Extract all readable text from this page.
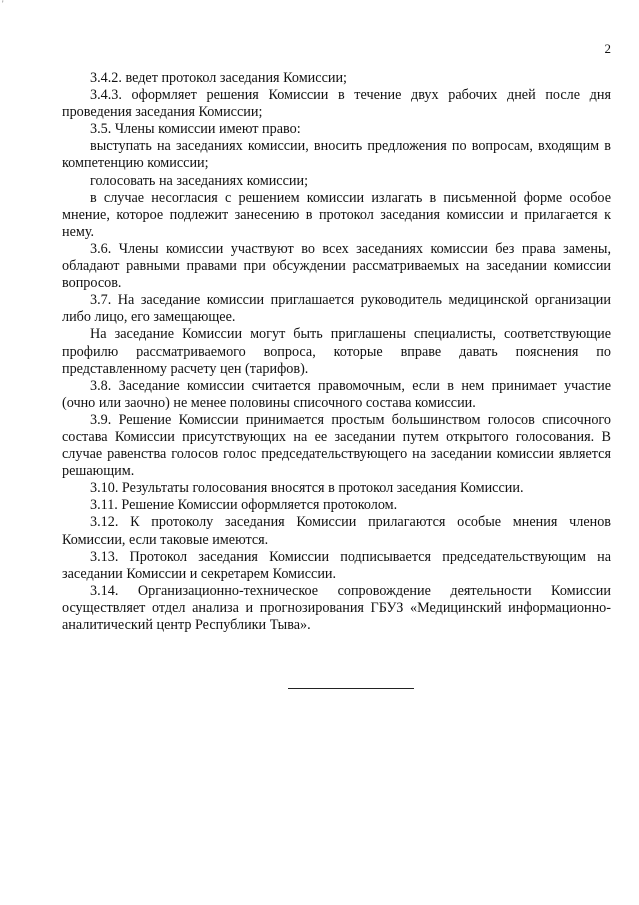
'
2

3.4.2. ведет протокол заседания Комиссии;

3.4.3. оформляет решения Комиссии в течение двух рабочих дней после дня проведения заседания Комиссии;

3.5. Члены комиссии имеют право:

выступать на заседаниях комиссии, вносить предложения по вопросам, входящим в компетенцию комиссии;

голосовать на заседаниях комиссии;

в случае несогласия с решением комиссии излагать в письменной форме особое мнение, которое подлежит занесению в протокол заседания комиссии и прилагается к нему.

3.6. Члены комиссии участвуют во всех заседаниях комиссии без права замены, обладают равными правами при обсуждении рассматриваемых на заседании комиссии вопросов.

3.7. На заседание комиссии приглашается руководитель медицинской организации либо лицо, его замещающее.

На заседание Комиссии могут быть приглашены специалисты, соответствующие профилю рассматриваемого вопроса, которые вправе давать пояснения по представленному расчету цен (тарифов).

3.8. Заседание комиссии считается правомочным, если в нем принимает участие (очно или заочно) не менее половины списочного состава комиссии.

3.9. Решение Комиссии принимается простым большинством голосов списочного состава Комиссии присутствующих на ее заседании путем открытого голосования. В случае равенства голосов голос председательствующего на заседании комиссии является решающим.

3.10. Результаты голосования вносятся в протокол заседания Комиссии.

3.11. Решение Комиссии оформляется протоколом.

3.12. К протоколу заседания Комиссии прилагаются особые мнения членов Комиссии, если таковые имеются.

3.13. Протокол заседания Комиссии подписывается председательствующим на заседании Комиссии и секретарем Комиссии.

3.14. Организационно-техническое сопровождение деятельности Комиссии осуществляет отдел анализа и прогнозирования ГБУЗ «Медицинский информационно-аналитический центр Республики Тыва».
